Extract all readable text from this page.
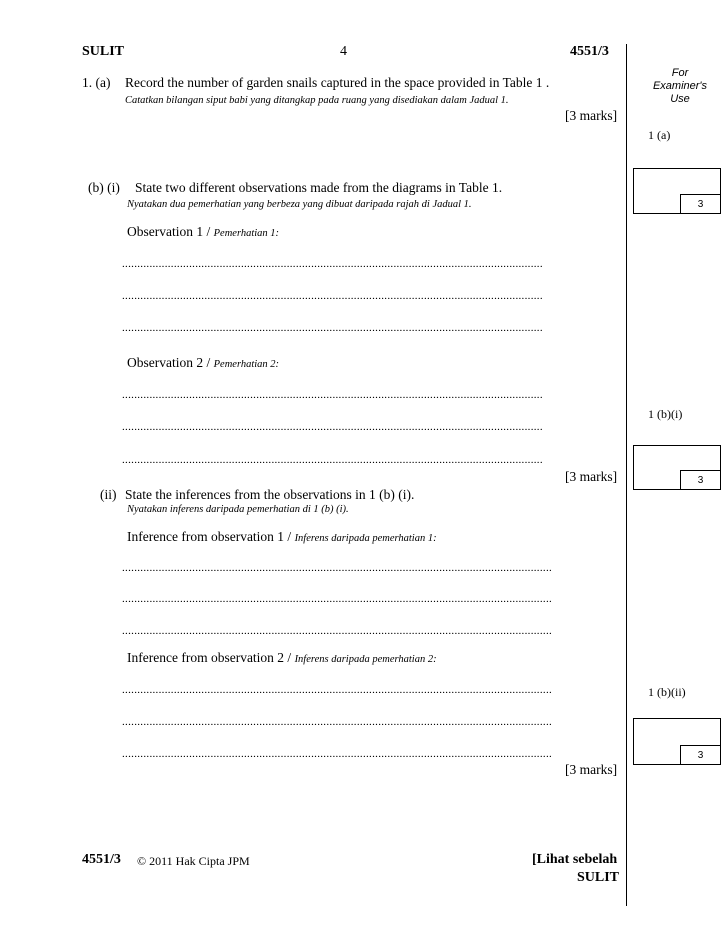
SULIT	4	4551/3
For
Examiner's
Use
1. (a) Record the number of garden snails captured in the space provided in Table 1 .
Catatkan bilangan siput babi yang ditangkap pada ruang yang disediakan dalam Jadual 1.
[3 marks]
1 (a)
3
(b) (i) State two different observations made from the diagrams in Table 1.
Nyatakan dua pemerhatian yang berbeza yang dibuat daripada rajah di Jadual 1.
Observation 1 / Pemerhatian 1:
..........................................................................................................................................
..........................................................................................................................................
..........................................................................................................................................
Observation 2 / Pemerhatian 2:
..........................................................................................................................................
..........................................................................................................................................
..........................................................................................................................................
[3 marks]
1 (b)(i)
3
(ii) State the inferences from the observations in 1 (b) (i).
Nyatakan inferens daripada pemerhatian di 1 (b) (i).
Inference from observation 1 / Inferens daripada pemerhatian 1:
.............................................................................................................................................
.............................................................................................................................................
.............................................................................................................................................
Inference from observation 2 / Inferens daripada pemerhatian 2:
.............................................................................................................................................
.............................................................................................................................................
.............................................................................................................................................
[3 marks]
1 (b)(ii)
3
4551/3 © 2011 Hak Cipta JPM	[Lihat sebelah
SULIT
